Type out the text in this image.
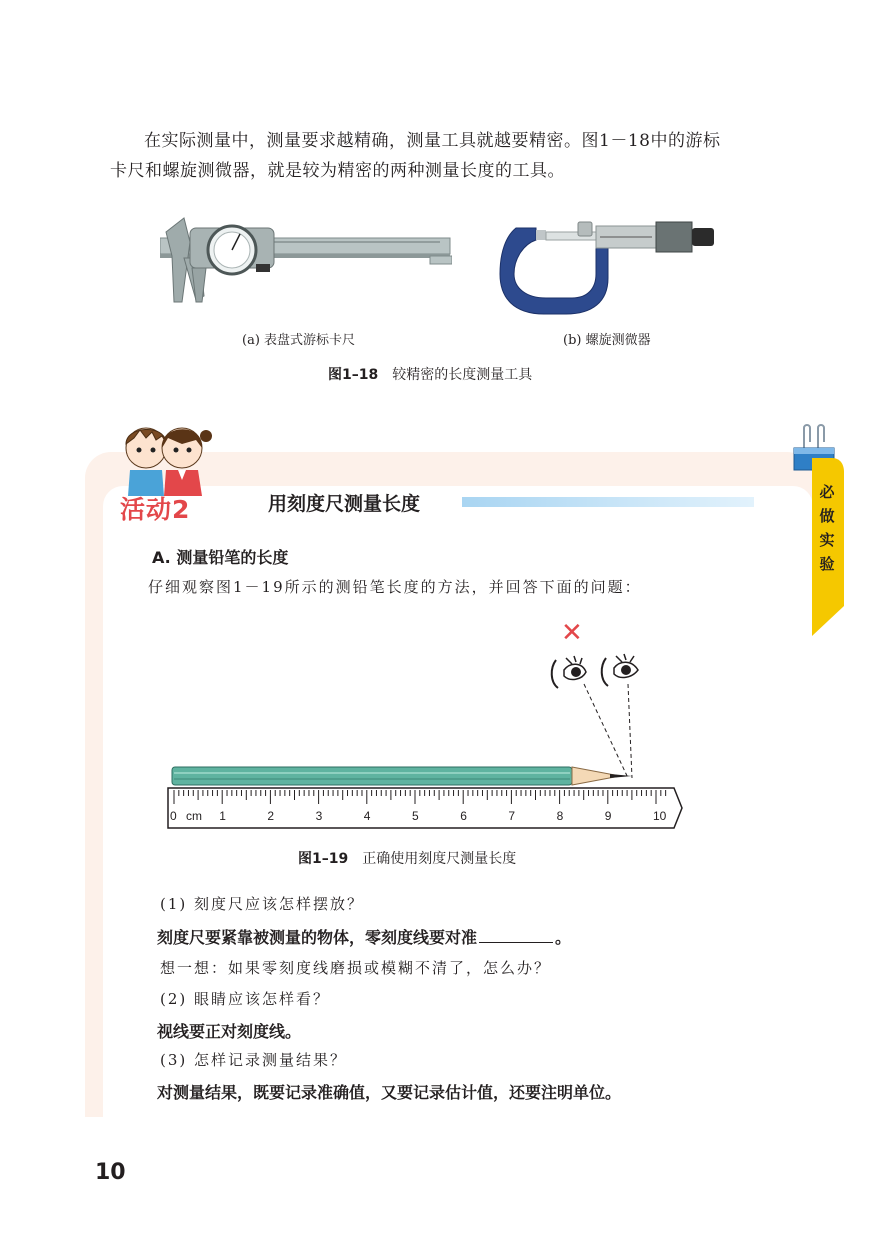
在实际测量中，测量要求越精确，测量工具就越要精密。图1－18中的游标
卡尺和螺旋测微器，就是较为精密的两种测量长度的工具。
(a) 表盘式游标卡尺	(b) 螺旋测微器
图1–18 较精密的长度测量工具
必
做
实
验
活动2	用刻度尺测量长度
A. 测量铅笔的长度
仔细观察图1－19所示的测铅笔长度的方法，并回答下面的问题：
✕
0	1	2	3	4	5	6	7	8	9	10
cm
图1–19 正确使用刻度尺测量长度
(1) 刻度尺应该怎样摆放？
刻度尺要紧靠被测量的物体，零刻度线要对准	。
想一想：如果零刻度线磨损或模糊不清了，怎么办？
(2) 眼睛应该怎样看？
视线要正对刻度线。
(3) 怎样记录测量结果？
对测量结果，既要记录准确值，又要记录估计值，还要注明单位。
10
